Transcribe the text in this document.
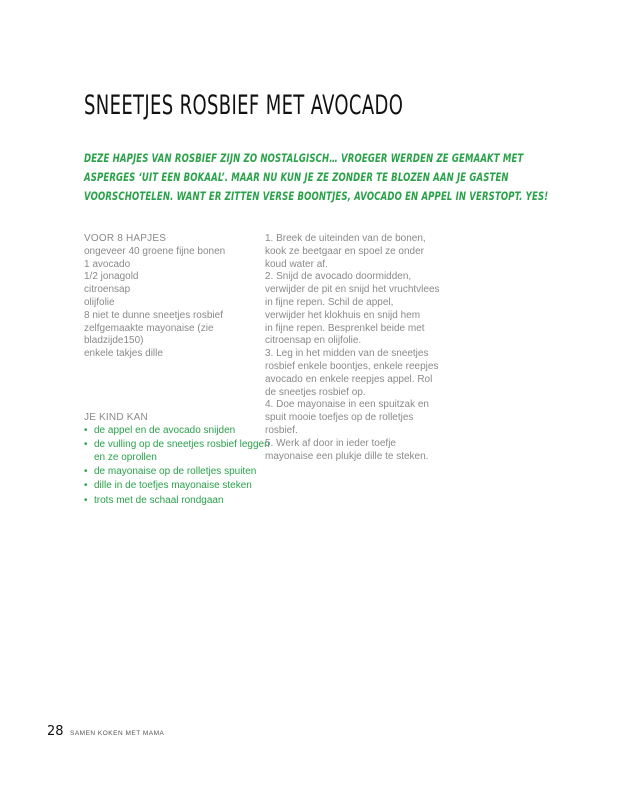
SNEETJES ROSBIEF MET AVOCADO
DEZE HAPJES VAN ROSBIEF ZIJN ZO NOSTALGISCH… VROEGER WERDEN ZE GEMAAKT MET
ASPERGES ‘UIT EEN BOKAAL’. MAAR NU KUN JE ZE ZONDER TE BLOZEN AAN JE GASTEN
VOORSCHOTELEN. WANT ER ZITTEN VERSE BOONTJES, AVOCADO EN APPEL IN VERSTOPT. YES!
VOOR 8 HAPJES
ongeveer 40 groene fijne bonen
1 avocado
1/2 jonagold
citroensap
olijfolie
8 niet te dunne sneetjes rosbief
zelfgemaakte mayonaise (zie
bladzijde150)
enkele takjes dille
JE KIND KAN
• de appel en de avocado snijden
• de vulling op de sneetjes rosbief leggen en ze oprollen
• de mayonaise op de rolletjes spuiten
• dille in de toefjes mayonaise steken
• trots met de schaal rondgaan
1. Breek de uiteinden van de bonen,
kook ze beetgaar en spoel ze onder
koud water af.
2. Snijd de avocado doormidden,
verwijder de pit en snijd het vruchtvlees
in fijne repen. Schil de appel,
verwijder het klokhuis en snijd hem
in fijne repen. Besprenkel beide met
citroensap en olijfolie.
3. Leg in het midden van de sneetjes
rosbief enkele boontjes, enkele reepjes
avocado en enkele reepjes appel. Rol
de sneetjes rosbief op.
4. Doe mayonaise in een spuitzak en
spuit mooie toefjes op de rolletjes
rosbief.
5. Werk af door in ieder toefje
mayonaise een plukje dille te steken.
28 SAMEN KOKEN MET MAMA
